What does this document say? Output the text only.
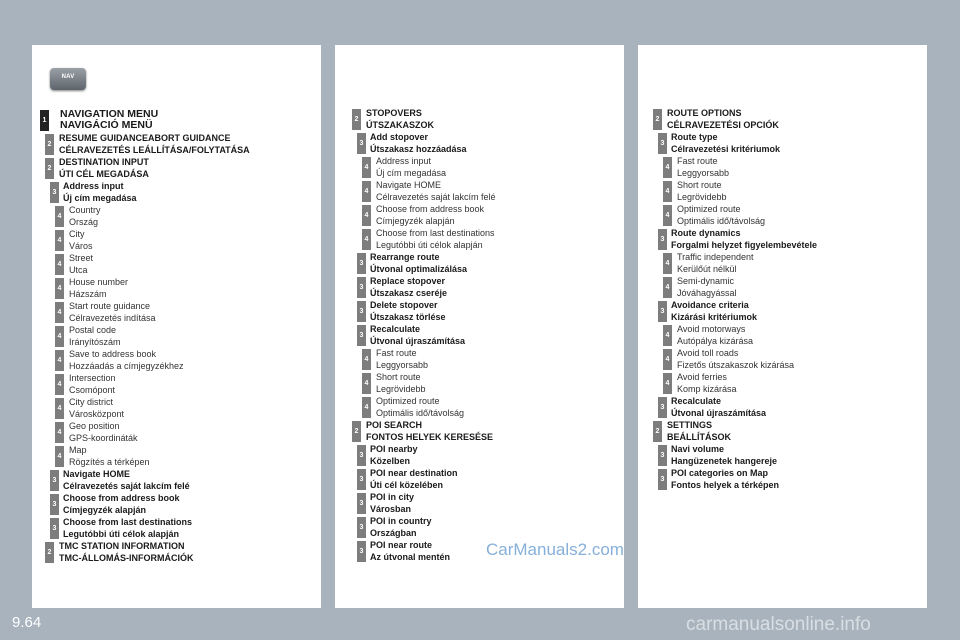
NAV
1
NAVIGATION MENU
NAVIGÁCIÓ MENÜ
2
RESUME GUIDANCEABORT GUIDANCE
CÉLRAVEZETÉS LEÁLLÍTÁSA/FOLYTATÁSA
2
DESTINATION INPUT
ÚTI CÉL MEGADÁSA
3
Address input
Új cím megadása
4
Country
Ország
4
City
Város
4
Street
Utca
4
House number
Házszám
4
Start route guidance
Célravezetés indítása
4
Postal code
Irányítószám
4
Save to address book
Hozzáadás a címjegyzékhez
4
Intersection
Csomópont
4
City district
Városközpont
4
Geo position
GPS-koordináták
4
Map
Rögzítés a térképen
3
Navigate HOME
Célravezetés saját lakcím felé
3
Choose from address book
Címjegyzék alapján
3
Choose from last destinations
Legutóbbi úti célok alapján
2
TMC STATION INFORMATION
TMC-ÁLLOMÁS-INFORMÁCIÓK
2
STOPOVERS
ÚTSZAKASZOK
3
Add stopover
Útszakasz hozzáadása
4
Address input
Új cím megadása
4
Navigate HOME
Célravezetés saját lakcím felé
4
Choose from address book
Címjegyzék alapján
4
Choose from last destinations
Legutóbbi úti célok alapján
3
Rearrange route
Útvonal optimalizálása
3
Replace stopover
Útszakasz cseréje
3
Delete stopover
Útszakasz törlése
3
Recalculate
Útvonal újraszámítása
4
Fast route
Leggyorsabb
4
Short route
Legrövidebb
4
Optimized route
Optimális idő/távolság
2
POI SEARCH
FONTOS HELYEK KERESÉSE
3
POI nearby
Közelben
3
POI near destination
Úti cél közelében
3
POI in city
Városban
3
POI in country
Országban
3
POI near route
Az útvonal mentén
2
ROUTE OPTIONS
CÉLRAVEZETÉSI OPCIÓK
3
Route type
Célravezetési kritériumok
4
Fast route
Leggyorsabb
4
Short route
Legrövidebb
4
Optimized route
Optimális idő/távolság
3
Route dynamics
Forgalmi helyzet figyelembevétele
4
Traffic independent
Kerülőút nélkül
4
Semi-dynamic
Jóváhagyással
3
Avoidance criteria
Kizárási kritériumok
4
Avoid motorways
Autópálya kizárása
4
Avoid toll roads
Fizetős útszakaszok kizárása
4
Avoid ferries
Komp kizárása
3
Recalculate
Útvonal újraszámítása
2
SETTINGS
BEÁLLÍTÁSOK
3
Navi volume
Hangüzenetek hangereje
3
POI categories on Map
Fontos helyek a térképen
9.64
CarManuals2.com
carmanualsonline.info
